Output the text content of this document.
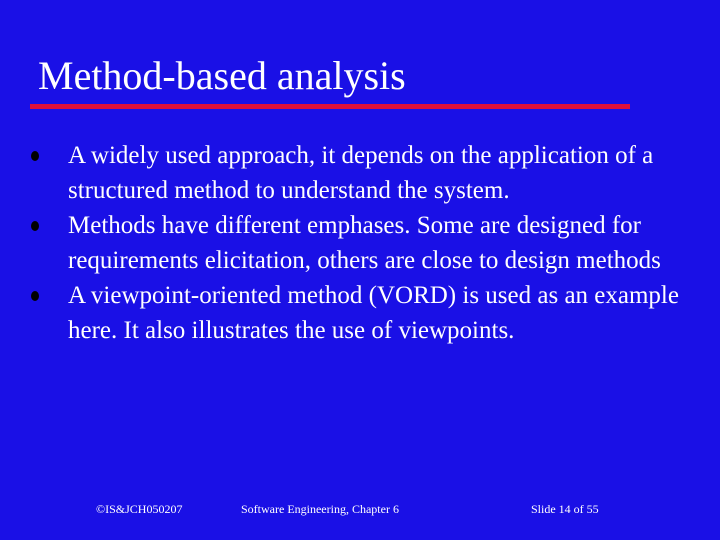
Method-based analysis
A widely used approach, it depends on the application of a structured method to understand the system.
Methods have different emphases. Some are designed for requirements elicitation, others are close to design methods
A viewpoint-oriented method (VORD) is used as an example here. It also illustrates the use of viewpoints.
©IS&JCH050207	Software Engineering, Chapter 6	Slide 14 of 55
